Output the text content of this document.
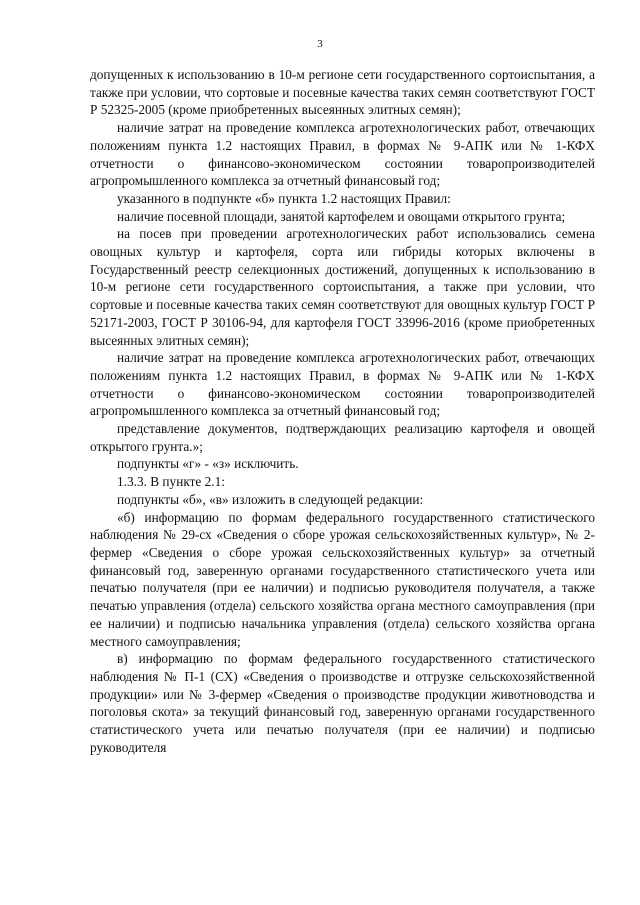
3

допущенных к использованию в 10-м регионе сети государственного сортоиспытания, а также при условии, что сортовые и посевные качества таких семян соответствуют ГОСТ Р 52325-2005 (кроме приобретенных высеянных элитных семян);

наличие затрат на проведение комплекса агротехнологических работ, отвечающих положениям пункта 1.2 настоящих Правил, в формах № 9-АПК или № 1-КФХ отчетности о финансово-экономическом состоянии товаропроизводителей агропромышленного комплекса за отчетный финансовый год;

указанного в подпункте «б» пункта 1.2 настоящих Правил:

наличие посевной площади, занятой картофелем и овощами открытого грунта;

на посев при проведении агротехнологических работ использовались семена овощных культур и картофеля, сорта или гибриды которых включены в Государственный реестр селекционных достижений, допущенных к использованию в 10-м регионе сети государственного сортоиспытания, а также при условии, что сортовые и посевные качества таких семян соответствуют для овощных культур ГОСТ Р 52171-2003, ГОСТ Р 30106-94, для картофеля ГОСТ 33996-2016 (кроме приобретенных высеянных элитных семян);

наличие затрат на проведение комплекса агротехнологических работ, отвечающих положениям пункта 1.2 настоящих Правил, в формах № 9-АПК или № 1-КФХ отчетности о финансово-экономическом состоянии товаропроизводителей агропромышленного комплекса за отчетный финансовый год;

представление документов, подтверждающих реализацию картофеля и овощей открытого грунта.»;

подпункты «г» - «з» исключить.

1.3.3. В пункте 2.1:

подпункты «б», «в» изложить в следующей редакции:

«б) информацию по формам федерального государственного статистического наблюдения № 29-сх «Сведения о сборе урожая сельскохозяйственных культур», № 2-фермер «Сведения о сборе урожая сельскохозяйственных культур» за отчетный финансовый год, заверенную органами государственного статистического учета или печатью получателя (при ее наличии) и подписью руководителя получателя, а также печатью управления (отдела) сельского хозяйства органа местного самоуправления (при ее наличии) и подписью начальника управления (отдела) сельского хозяйства органа местного самоуправления;

в) информацию по формам федерального государственного статистического наблюдения № П-1 (СХ) «Сведения о производстве и отгрузке сельскохозяйственной продукции» или № 3-фермер «Сведения о производстве продукции животноводства и поголовья скота» за текущий финансовый год, заверенную органами государственного статистического учета или печатью получателя (при ее наличии) и подписью руководителя
